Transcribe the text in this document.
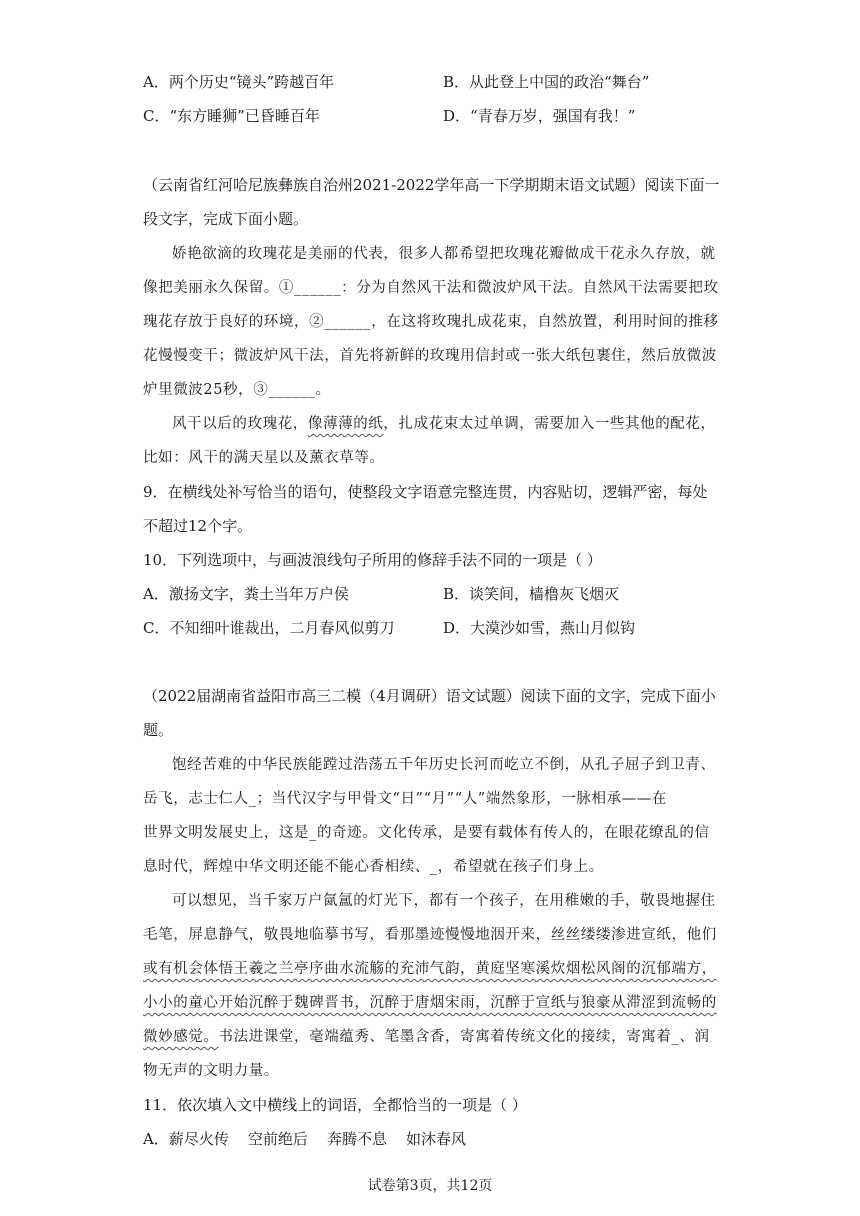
A．两个历史“镜头”跨越百年	B．从此登上中国的政治“舞台”
C．“东方睡狮”已昏睡百年	D．“青春万岁，强国有我！”
（云南省红河哈尼族彝族自治州2021-2022学年高一下学期期末语文试题）阅读下面一
段文字，完成下面小题。
娇艳欲滴的玫瑰花是美丽的代表，很多人都希望把玫瑰花瓣做成干花永久存放，就
像把美丽永久保留。①______：分为自然风干法和微波炉风干法。自然风干法需要把玫
瑰花存放于良好的环境，②______，在这将玫瑰扎成花束，自然放置，利用时间的推移
花慢慢变干；微波炉风干法，首先将新鲜的玫瑰用信封或一张大纸包裹住，然后放微波
炉里微波25秒，③______。
风干以后的玫瑰花，像薄薄的纸，扎成花束太过单调，需要加入一些其他的配花，
比如：风干的满天星以及薰衣草等。
9．在横线处补写恰当的语句，使整段文字语意完整连贯，内容贴切，逻辑严密，每处
不超过12个字。
10．下列选项中，与画波浪线句子所用的修辞手法不同的一项是（ ）
A．激扬文字，粪土当年万户侯	B．谈笑间，樯橹灰飞烟灭
C．不知细叶谁裁出，二月春风似剪刀	D．大漠沙如雪，燕山月似钩
（2022届湖南省益阳市高三二模（4月调研）语文试题）阅读下面的文字，完成下面小
题。
饱经苦难的中华民族能蹚过浩荡五千年历史长河而屹立不倒，从孔子屈子到卫青、
岳飞，志士仁人_；当代汉字与甲骨文“日”“月”“人”端然象形，一脉相承——在
世界文明发展史上，这是_的奇迹。文化传承，是要有载体有传人的，在眼花缭乱的信
息时代，辉煌中华文明还能不能心香相续、_，希望就在孩子们身上。
可以想见，当千家万户氤氲的灯光下，都有一个孩子，在用稚嫩的手，敬畏地握住
毛笔，屏息静气，敬畏地临摹书写，看那墨迹慢慢地洇开来，丝丝缕缕渗进宣纸，他们
或有机会体悟王羲之兰亭序曲水流觞的充沛气韵，黄庭坚寒溪炊烟松风阁的沉郁端方，
小小的童心开始沉醉于魏碑晋书，沉醉于唐烟宋雨，沉醉于宣纸与狼豪从滞涩到流畅的
微妙感觉。书法进课堂，毫端蕴秀、笔墨含香，寄寓着传统文化的接续，寄寓着_、润
物无声的文明力量。
11．依次填入文中横线上的词语，全都恰当的一项是（ ）
A．薪尽火传    空前绝后    奔腾不息    如沐春风
试卷第3页，共12页
